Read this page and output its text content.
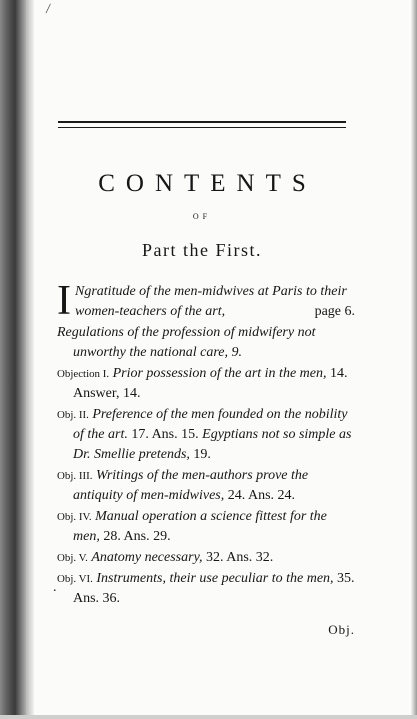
/
CONTENTS
OF
Part the First.
I Ngratitude of the men-midwives at Paris to their women-teachers of the art,	page 6.
Regulations of the profession of midwifery not unworthy the national care, 9.
Objection I. Prior possession of the art in the men, 14. Answer, 14.
Obj. II. Preference of the men founded on the nobility of the art. 17. Ans. 15. Egyptians not so simple as Dr. Smellie pretends, 19.
Obj. III. Writings of the men-authors prove the antiquity of men-midwives, 24. Ans. 24.
Obj. IV. Manual operation a science fittest for the men, 28. Ans. 29.
Obj. V. Anatomy necessary, 32. Ans. 32.
Obj. VI. Instruments, their use peculiar to the men, 35. Ans. 36.
.
Obj.
